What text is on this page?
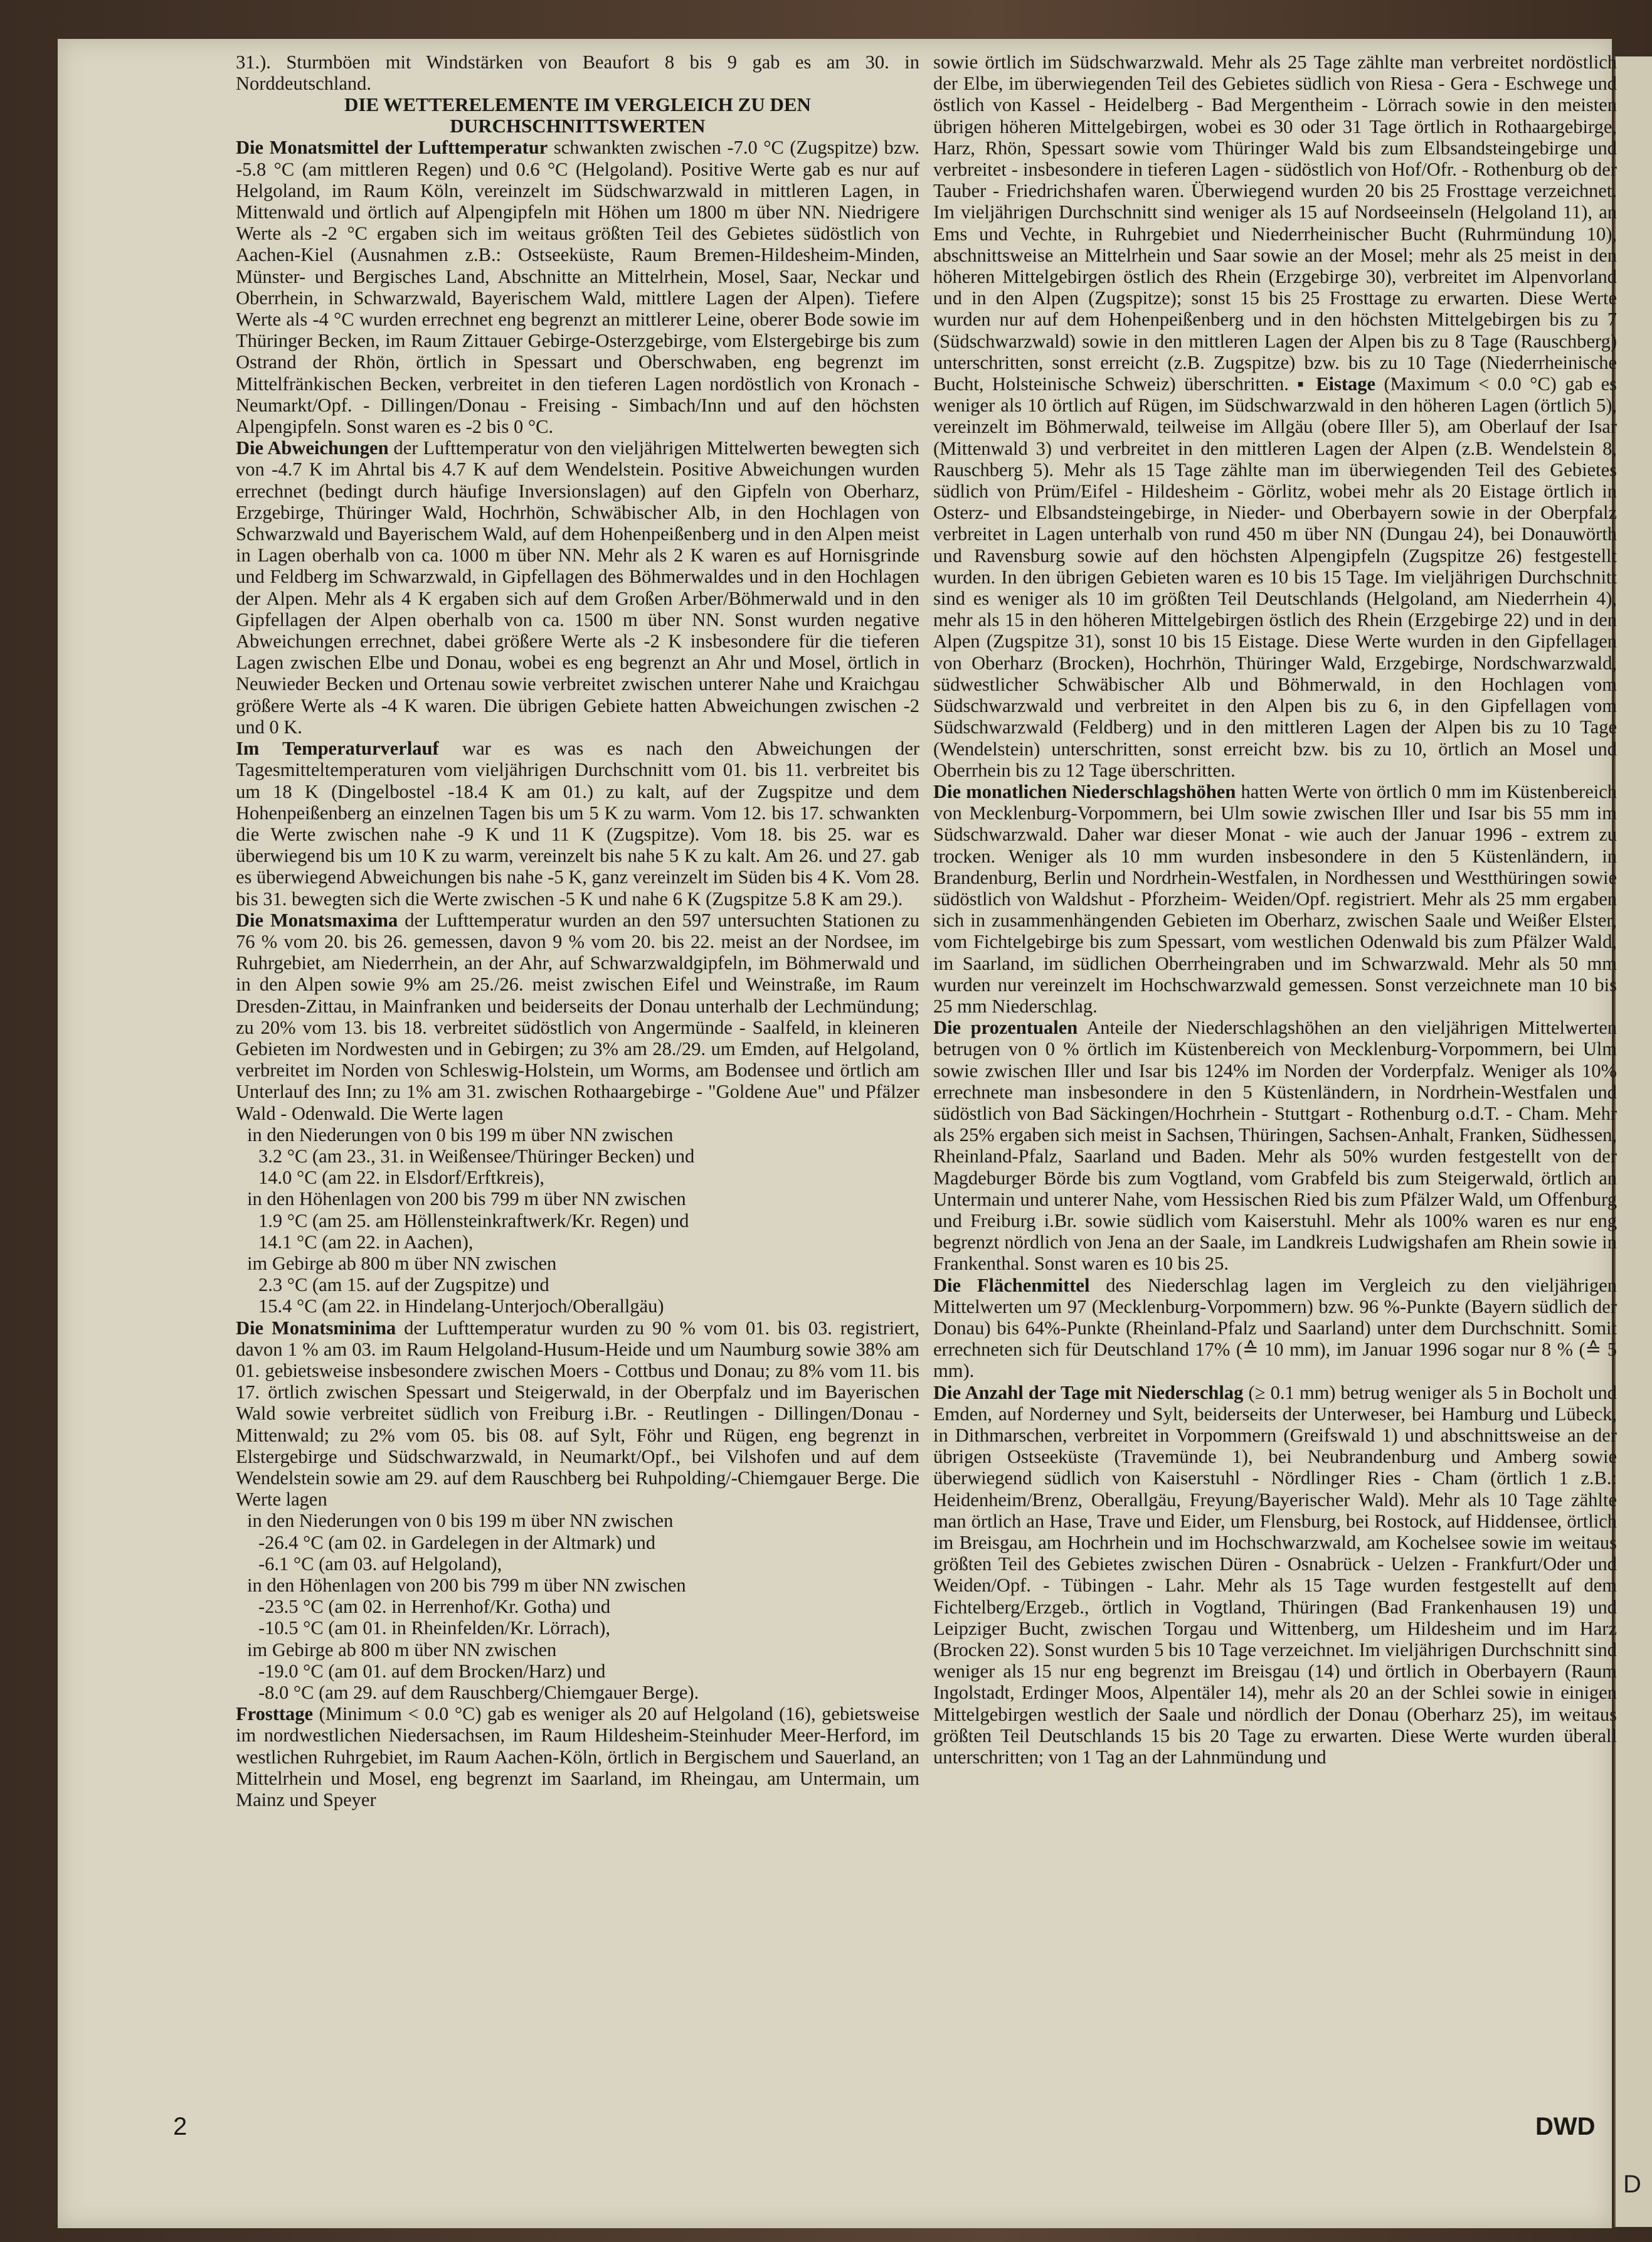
D

31.). Sturmböen mit Windstärken von Beaufort 8 bis 9 gab es am 30. in Norddeutschland.

DIE WETTERELEMENTE IM VERGLEICH ZU DEN
DURCHSCHNITTSWERTEN

Die Monatsmittel der Lufttemperatur schwankten zwischen -7.0 °C (Zugspitze) bzw. -5.8 °C (am mittleren Regen) und 0.6 °C (Helgoland). Positive Werte gab es nur auf Helgoland, im Raum Köln, vereinzelt im Südschwarzwald in mittleren Lagen, in Mittenwald und örtlich auf Alpengipfeln mit Höhen um 1800 m über NN. Niedrigere Werte als -2 °C ergaben sich im weitaus größten Teil des Gebietes südöstlich von Aachen-Kiel (Ausnahmen z.B.: Ostseeküste, Raum Bremen-Hildesheim-Minden, Münster- und Bergisches Land, Abschnitte an Mittelrhein, Mosel, Saar, Neckar und Oberrhein, in Schwarzwald, Bayerischem Wald, mittlere Lagen der Alpen). Tiefere Werte als -4 °C wurden errechnet eng begrenzt an mittlerer Leine, oberer Bode sowie im Thüringer Becken, im Raum Zittauer Gebirge-Osterzgebirge, vom Elstergebirge bis zum Ostrand der Rhön, örtlich in Spessart und Oberschwaben, eng begrenzt im Mittelfränkischen Becken, verbreitet in den tieferen Lagen nordöstlich von Kronach - Neumarkt/Opf. - Dillingen/Donau - Freising - Simbach/Inn und auf den höchsten Alpengipfeln. Sonst waren es -2 bis 0 °C.

Die Abweichungen der Lufttemperatur von den vieljährigen Mittelwerten bewegten sich von -4.7 K im Ahrtal bis 4.7 K auf dem Wendelstein. Positive Abweichungen wurden errechnet (bedingt durch häufige Inversionslagen) auf den Gipfeln von Oberharz, Erzgebirge, Thüringer Wald, Hochrhön, Schwäbischer Alb, in den Hochlagen von Schwarzwald und Bayerischem Wald, auf dem Hohenpeißenberg und in den Alpen meist in Lagen oberhalb von ca. 1000 m über NN. Mehr als 2 K waren es auf Hornisgrinde und Feldberg im Schwarzwald, in Gipfellagen des Böhmerwaldes und in den Hochlagen der Alpen. Mehr als 4 K ergaben sich auf dem Großen Arber/Böhmerwald und in den Gipfellagen der Alpen oberhalb von ca. 1500 m über NN. Sonst wurden negative Abweichungen errechnet, dabei größere Werte als -2 K insbesondere für die tieferen Lagen zwischen Elbe und Donau, wobei es eng begrenzt an Ahr und Mosel, örtlich in Neuwieder Becken und Ortenau sowie verbreitet zwischen unterer Nahe und Kraichgau größere Werte als -4 K waren. Die übrigen Gebiete hatten Abweichungen zwischen -2 und 0 K.

Im Temperaturverlauf war es was es nach den Abweichungen der Tagesmitteltemperaturen vom vieljährigen Durchschnitt vom 01. bis 11. verbreitet bis um 18 K (Dingelbostel -18.4 K am 01.) zu kalt, auf der Zugspitze und dem Hohenpeißenberg an einzelnen Tagen bis um 5 K zu warm. Vom 12. bis 17. schwankten die Werte zwischen nahe -9 K und 11 K (Zugspitze). Vom 18. bis 25. war es überwiegend bis um 10 K zu warm, vereinzelt bis nahe 5 K zu kalt. Am 26. und 27. gab es überwiegend Abweichungen bis nahe -5 K, ganz vereinzelt im Süden bis 4 K. Vom 28. bis 31. bewegten sich die Werte zwischen -5 K und nahe 6 K (Zugspitze 5.8 K am 29.).

Die Monatsmaxima der Lufttemperatur wurden an den 597 untersuchten Stationen zu 76 % vom 20. bis 26. gemessen, davon 9 % vom 20. bis 22. meist an der Nordsee, im Ruhrgebiet, am Niederrhein, an der Ahr, auf Schwarzwaldgipfeln, im Böhmerwald und in den Alpen sowie 9% am 25./26. meist zwischen Eifel und Weinstraße, im Raum Dresden-Zittau, in Mainfranken und beiderseits der Donau unterhalb der Lechmündung; zu 20% vom 13. bis 18. verbreitet südöstlich von Angermünde - Saalfeld, in kleineren Gebieten im Nordwesten und in Gebirgen; zu 3% am 28./29. um Emden, auf Helgoland, verbreitet im Norden von Schleswig-Holstein, um Worms, am Bodensee und örtlich am Unterlauf des Inn; zu 1% am 31. zwischen Rothaargebirge - "Goldene Aue" und Pfälzer Wald - Odenwald. Die Werte lagen

in den Niederungen von 0 bis 199 m über NN zwischen

3.2 °C (am 23., 31. in Weißensee/Thüringer Becken) und

14.0 °C (am 22. in Elsdorf/Erftkreis),

in den Höhenlagen von 200 bis 799 m über NN zwischen

1.9 °C (am 25. am Höllensteinkraftwerk/Kr. Regen) und

14.1 °C (am 22. in Aachen),

im Gebirge ab 800 m über NN zwischen

2.3 °C (am 15. auf der Zugspitze) und

15.4 °C (am 22. in Hindelang-Unterjoch/Oberallgäu)

Die Monatsminima der Lufttemperatur wurden zu 90 % vom 01. bis 03. registriert, davon 1 % am 03. im Raum Helgoland-Husum-Heide und um Naumburg sowie 38% am 01. gebietsweise insbesondere zwischen Moers - Cottbus und Donau; zu 8% vom 11. bis 17. örtlich zwischen Spessart und Steigerwald, in der Oberpfalz und im Bayerischen Wald sowie verbreitet südlich von Freiburg i.Br. - Reutlingen - Dillingen/Donau - Mittenwald; zu 2% vom 05. bis 08. auf Sylt, Föhr und Rügen, eng begrenzt in Elstergebirge und Südschwarzwald, in Neumarkt/Opf., bei Vilshofen und auf dem Wendelstein sowie am 29. auf dem Rauschberg bei Ruhpolding/-Chiemgauer Berge. Die Werte lagen

in den Niederungen von 0 bis 199 m über NN zwischen

-26.4 °C (am 02. in Gardelegen in der Altmark) und

-6.1 °C (am 03. auf Helgoland),

in den Höhenlagen von 200 bis 799 m über NN zwischen

-23.5 °C (am 02. in Herrenhof/Kr. Gotha) und

-10.5 °C (am 01. in Rheinfelden/Kr. Lörrach),

im Gebirge ab 800 m über NN zwischen

-19.0 °C (am 01. auf dem Brocken/Harz) und

-8.0 °C (am 29. auf dem Rauschberg/Chiemgauer Berge).

Frosttage (Minimum < 0.0 °C) gab es weniger als 20 auf Helgoland (16), gebietsweise im nordwestlichen Niedersachsen, im Raum Hildesheim-Steinhuder Meer-Herford, im westlichen Ruhrgebiet, im Raum Aachen-Köln, örtlich in Bergischem und Sauerland, an Mittelrhein und Mosel, eng begrenzt im Saarland, im Rheingau, am Untermain, um Mainz und Speyer

sowie örtlich im Südschwarzwald. Mehr als 25 Tage zählte man verbreitet nordöstlich der Elbe, im überwiegenden Teil des Gebietes südlich von Riesa - Gera - Eschwege und östlich von Kassel - Heidelberg - Bad Mergentheim - Lörrach sowie in den meisten übrigen höheren Mittelgebirgen, wobei es 30 oder 31 Tage örtlich in Rothaargebirge, Harz, Rhön, Spessart sowie vom Thüringer Wald bis zum Elbsandsteingebirge und verbreitet - insbesondere in tieferen Lagen - südöstlich von Hof/Ofr. - Rothenburg ob der Tauber - Friedrichshafen waren. Überwiegend wurden 20 bis 25 Frosttage verzeichnet. Im vieljährigen Durchschnitt sind weniger als 15 auf Nordseeinseln (Helgoland 11), an Ems und Vechte, in Ruhrgebiet und Niederrheinischer Bucht (Ruhrmündung 10), abschnittsweise an Mittelrhein und Saar sowie an der Mosel; mehr als 25 meist in den höheren Mittelgebirgen östlich des Rhein (Erzgebirge 30), verbreitet im Alpenvorland und in den Alpen (Zugspitze); sonst 15 bis 25 Frosttage zu erwarten. Diese Werte wurden nur auf dem Hohenpeißenberg und in den höchsten Mittelgebirgen bis zu 7 (Südschwarzwald) sowie in den mittleren Lagen der Alpen bis zu 8 Tage (Rauschberg) unterschritten, sonst erreicht (z.B. Zugspitze) bzw. bis zu 10 Tage (Niederrheinische Bucht, Holsteinische Schweiz) überschritten. ▪ Eistage (Maximum < 0.0 °C) gab es weniger als 10 örtlich auf Rügen, im Südschwarzwald in den höheren Lagen (örtlich 5), vereinzelt im Böhmerwald, teilweise im Allgäu (obere Iller 5), am Oberlauf der Isar (Mittenwald 3) und verbreitet in den mittleren Lagen der Alpen (z.B. Wendelstein 8, Rauschberg 5). Mehr als 15 Tage zählte man im überwiegenden Teil des Gebietes südlich von Prüm/Eifel - Hildesheim - Görlitz, wobei mehr als 20 Eistage örtlich in Osterz- und Elbsandsteingebirge, in Nieder- und Oberbayern sowie in der Oberpfalz verbreitet in Lagen unterhalb von rund 450 m über NN (Dungau 24), bei Donauwörth und Ravensburg sowie auf den höchsten Alpengipfeln (Zugspitze 26) festgestellt wurden. In den übrigen Gebieten waren es 10 bis 15 Tage. Im vieljährigen Durchschnitt sind es weniger als 10 im größten Teil Deutschlands (Helgoland, am Niederrhein 4), mehr als 15 in den höheren Mittelgebirgen östlich des Rhein (Erzgebirge 22) und in den Alpen (Zugspitze 31), sonst 10 bis 15 Eistage. Diese Werte wurden in den Gipfellagen von Oberharz (Brocken), Hochrhön, Thüringer Wald, Erzgebirge, Nordschwarzwald, südwestlicher Schwäbischer Alb und Böhmerwald, in den Hochlagen vom Südschwarzwald und verbreitet in den Alpen bis zu 6, in den Gipfellagen vom Südschwarzwald (Feldberg) und in den mittleren Lagen der Alpen bis zu 10 Tage (Wendelstein) unterschritten, sonst erreicht bzw. bis zu 10, örtlich an Mosel und Oberrhein bis zu 12 Tage überschritten.

Die monatlichen Niederschlagshöhen hatten Werte von örtlich 0 mm im Küstenbereich von Mecklenburg-Vorpommern, bei Ulm sowie zwischen Iller und Isar bis 55 mm im Südschwarzwald. Daher war dieser Monat - wie auch der Januar 1996 - extrem zu trocken. Weniger als 10 mm wurden insbesondere in den 5 Küstenländern, in Brandenburg, Berlin und Nordrhein-Westfalen, in Nordhessen und Westthüringen sowie südöstlich von Waldshut - Pforzheim- Weiden/Opf. registriert. Mehr als 25 mm ergaben sich in zusammenhängenden Gebieten im Oberharz, zwischen Saale und Weißer Elster, vom Fichtelgebirge bis zum Spessart, vom westlichen Odenwald bis zum Pfälzer Wald, im Saarland, im südlichen Oberrheingraben und im Schwarzwald. Mehr als 50 mm wurden nur vereinzelt im Hochschwarzwald gemessen. Sonst verzeichnete man 10 bis 25 mm Niederschlag.

Die prozentualen Anteile der Niederschlagshöhen an den vieljährigen Mittelwerten betrugen von 0 % örtlich im Küstenbereich von Mecklenburg-Vorpommern, bei Ulm sowie zwischen Iller und Isar bis 124% im Norden der Vorderpfalz. Weniger als 10% errechnete man insbesondere in den 5 Küstenländern, in Nordrhein-Westfalen und südöstlich von Bad Säckingen/Hochrhein - Stuttgart - Rothenburg o.d.T. - Cham. Mehr als 25% ergaben sich meist in Sachsen, Thüringen, Sachsen-Anhalt, Franken, Südhessen, Rheinland-Pfalz, Saarland und Baden. Mehr als 50% wurden festgestellt von der Magdeburger Börde bis zum Vogtland, vom Grabfeld bis zum Steigerwald, örtlich an Untermain und unterer Nahe, vom Hessischen Ried bis zum Pfälzer Wald, um Offenburg und Freiburg i.Br. sowie südlich vom Kaiserstuhl. Mehr als 100% waren es nur eng begrenzt nördlich von Jena an der Saale, im Landkreis Ludwigshafen am Rhein sowie in Frankenthal. Sonst waren es 10 bis 25.

Die Flächenmittel des Niederschlag lagen im Vergleich zu den vieljährigen Mittelwerten um 97 (Mecklenburg-Vorpommern) bzw. 96 %-Punkte (Bayern südlich der Donau) bis 64%-Punkte (Rheinland-Pfalz und Saarland) unter dem Durchschnitt. Somit errechneten sich für Deutschland 17% (≙ 10 mm), im Januar 1996 sogar nur 8 % (≙ 5 mm).

Die Anzahl der Tage mit Niederschlag (≥ 0.1 mm) betrug weniger als 5 in Bocholt und Emden, auf Norderney und Sylt, beiderseits der Unterweser, bei Hamburg und Lübeck, in Dithmarschen, verbreitet in Vorpommern (Greifswald 1) und abschnittsweise an der übrigen Ostseeküste (Travemünde 1), bei Neubrandenburg und Amberg sowie überwiegend südlich von Kaiserstuhl - Nördlinger Ries - Cham (örtlich 1 z.B.: Heidenheim/Brenz, Oberallgäu, Freyung/Bayerischer Wald). Mehr als 10 Tage zählte man örtlich an Hase, Trave und Eider, um Flensburg, bei Rostock, auf Hiddensee, örtlich im Breisgau, am Hochrhein und im Hochschwarzwald, am Kochelsee sowie im weitaus größten Teil des Gebietes zwischen Düren - Osnabrück - Uelzen - Frankfurt/Oder und Weiden/Opf. - Tübingen - Lahr. Mehr als 15 Tage wurden festgestellt auf dem Fichtelberg/Erzgeb., örtlich in Vogtland, Thüringen (Bad Frankenhausen 19) und Leipziger Bucht, zwischen Torgau und Wittenberg, um Hildesheim und im Harz (Brocken 22). Sonst wurden 5 bis 10 Tage verzeichnet. Im vieljährigen Durchschnitt sind weniger als 15 nur eng begrenzt im Breisgau (14) und örtlich in Oberbayern (Raum Ingolstadt, Erdinger Moos, Alpentäler 14), mehr als 20 an der Schlei sowie in einigen Mittelgebirgen westlich der Saale und nördlich der Donau (Oberharz 25), im weitaus größten Teil Deutschlands 15 bis 20 Tage zu erwarten. Diese Werte wurden überall unterschritten; von 1 Tag an der Lahnmündung und

2	DWD
